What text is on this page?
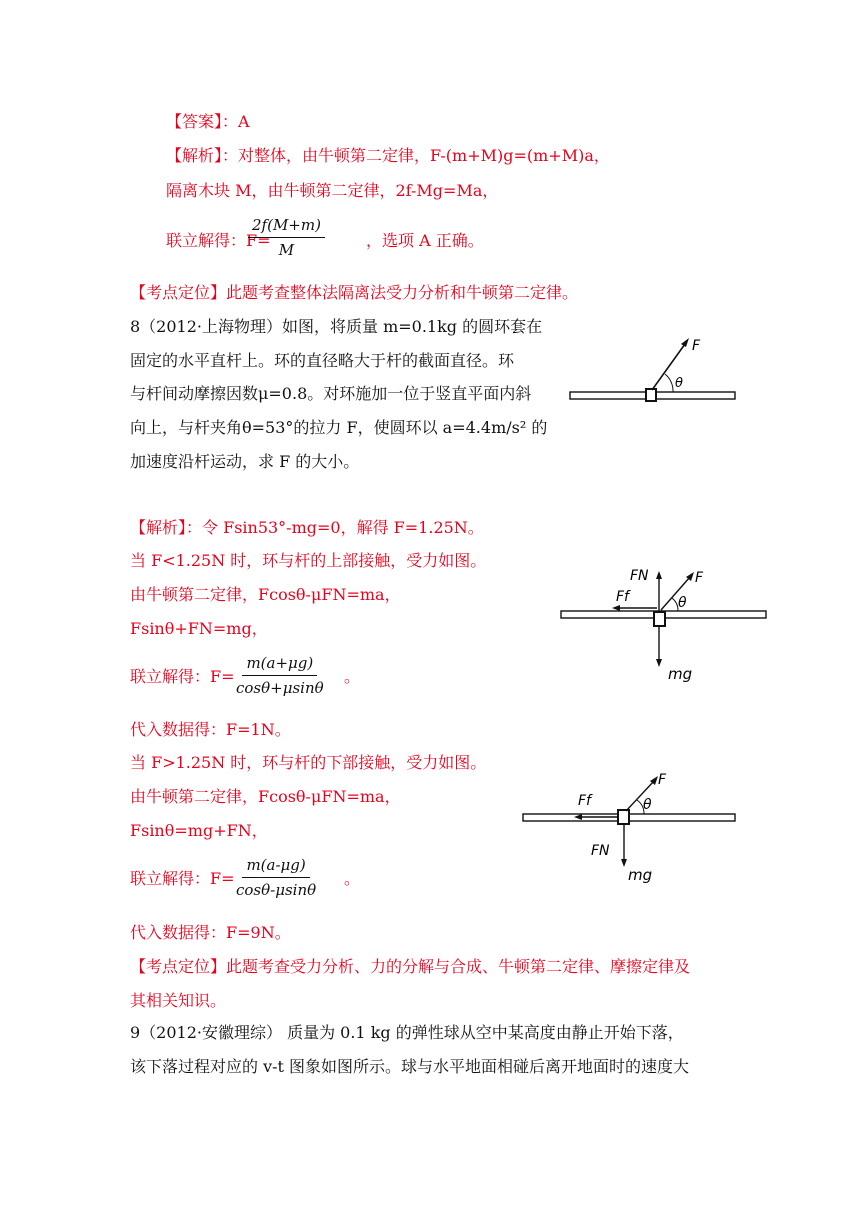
【答案】：A
【解析】：对整体，由牛顿第二定律，F-(m+M)g=(m+M)a，
隔离木块 M，由牛顿第二定律，2f-Mg=Ma，
联立解得：F=
$\frac{2f(M+m)}{M}$	，选项 A 正确。
【考点定位】此题考查整体法隔离法受力分析和牛顿第二定律。
8（2012·上海物理）如图，将质量 m=0.1kg 的圆环套在
固定的水平直杆上。环的直径略大于杆的截面直径。环
与杆间动摩擦因数μ=0.8。对环施加一位于竖直平面内斜
向上，与杆夹角θ=53°的拉力 F，使圆环以 a=4.4m/s² 的
加速度沿杆运动，求 F 的大小。
F
θ
【解析】：令 Fsin53°-mg=0，解得 F=1.25N。
当 F<1.25N 时，环与杆的上部接触，受力如图。
由牛顿第二定律，Fcosθ-μFN=ma，
Fsinθ+FN=mg，
联立解得：$F= \frac{m(a+\mu g)}{\cos\theta+\mu\sin\theta}$ 。
代入数据得：F=1N。
当 F>1.25N 时，环与杆的下部接触，受力如图。
由牛顿第二定律，Fcosθ-μFN=ma，
Fsinθ=mg+FN，
联立解得：$F= \frac{m(a-\mu g)}{\cos\theta-\mu\sin\theta}$ 。
代入数据得：F=9N。
【考点定位】此题考查受力分析、力的分解与合成、牛顿第二定律、摩擦定律及
其相关知识。
FN	F
Ff	θ
mg
Ff
F
θ
FN
mg
9（2012·安徽理综） 质量为 0.1 kg 的弹性球从空中某高度由静止开始下落，
该下落过程对应的 v-t 图象如图所示。球与水平地面相碰后离开地面时的速度大
